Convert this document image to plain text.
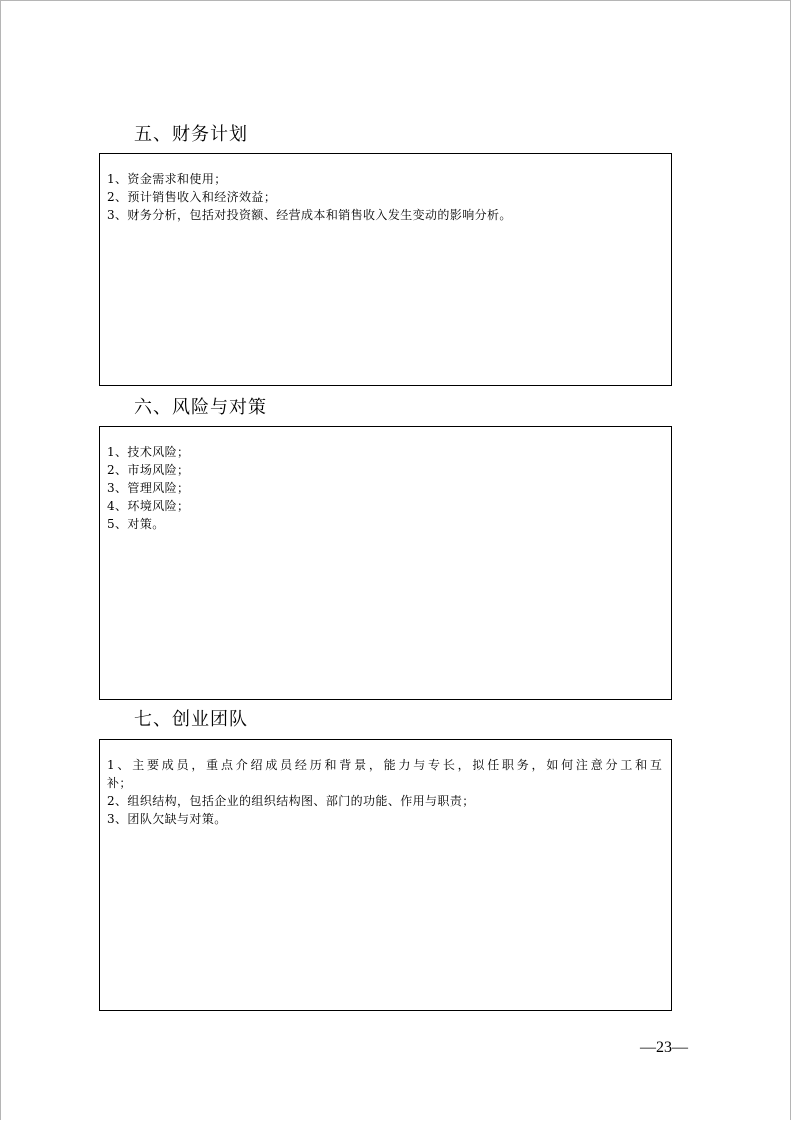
五、财务计划
1、资金需求和使用；
2、预计销售收入和经济效益；
3、财务分析，包括对投资额、经营成本和销售收入发生变动的影响分析。
六、风险与对策
1、技术风险；
2、市场风险；
3、管理风险；
4、环境风险；
5、对策。
七、创业团队
1、主要成员，重点介绍成员经历和背景，能力与专长，拟任职务，如何注意分工和互
补；
2、组织结构，包括企业的组织结构图、部门的功能、作用与职责；
3、团队欠缺与对策。
—23—
